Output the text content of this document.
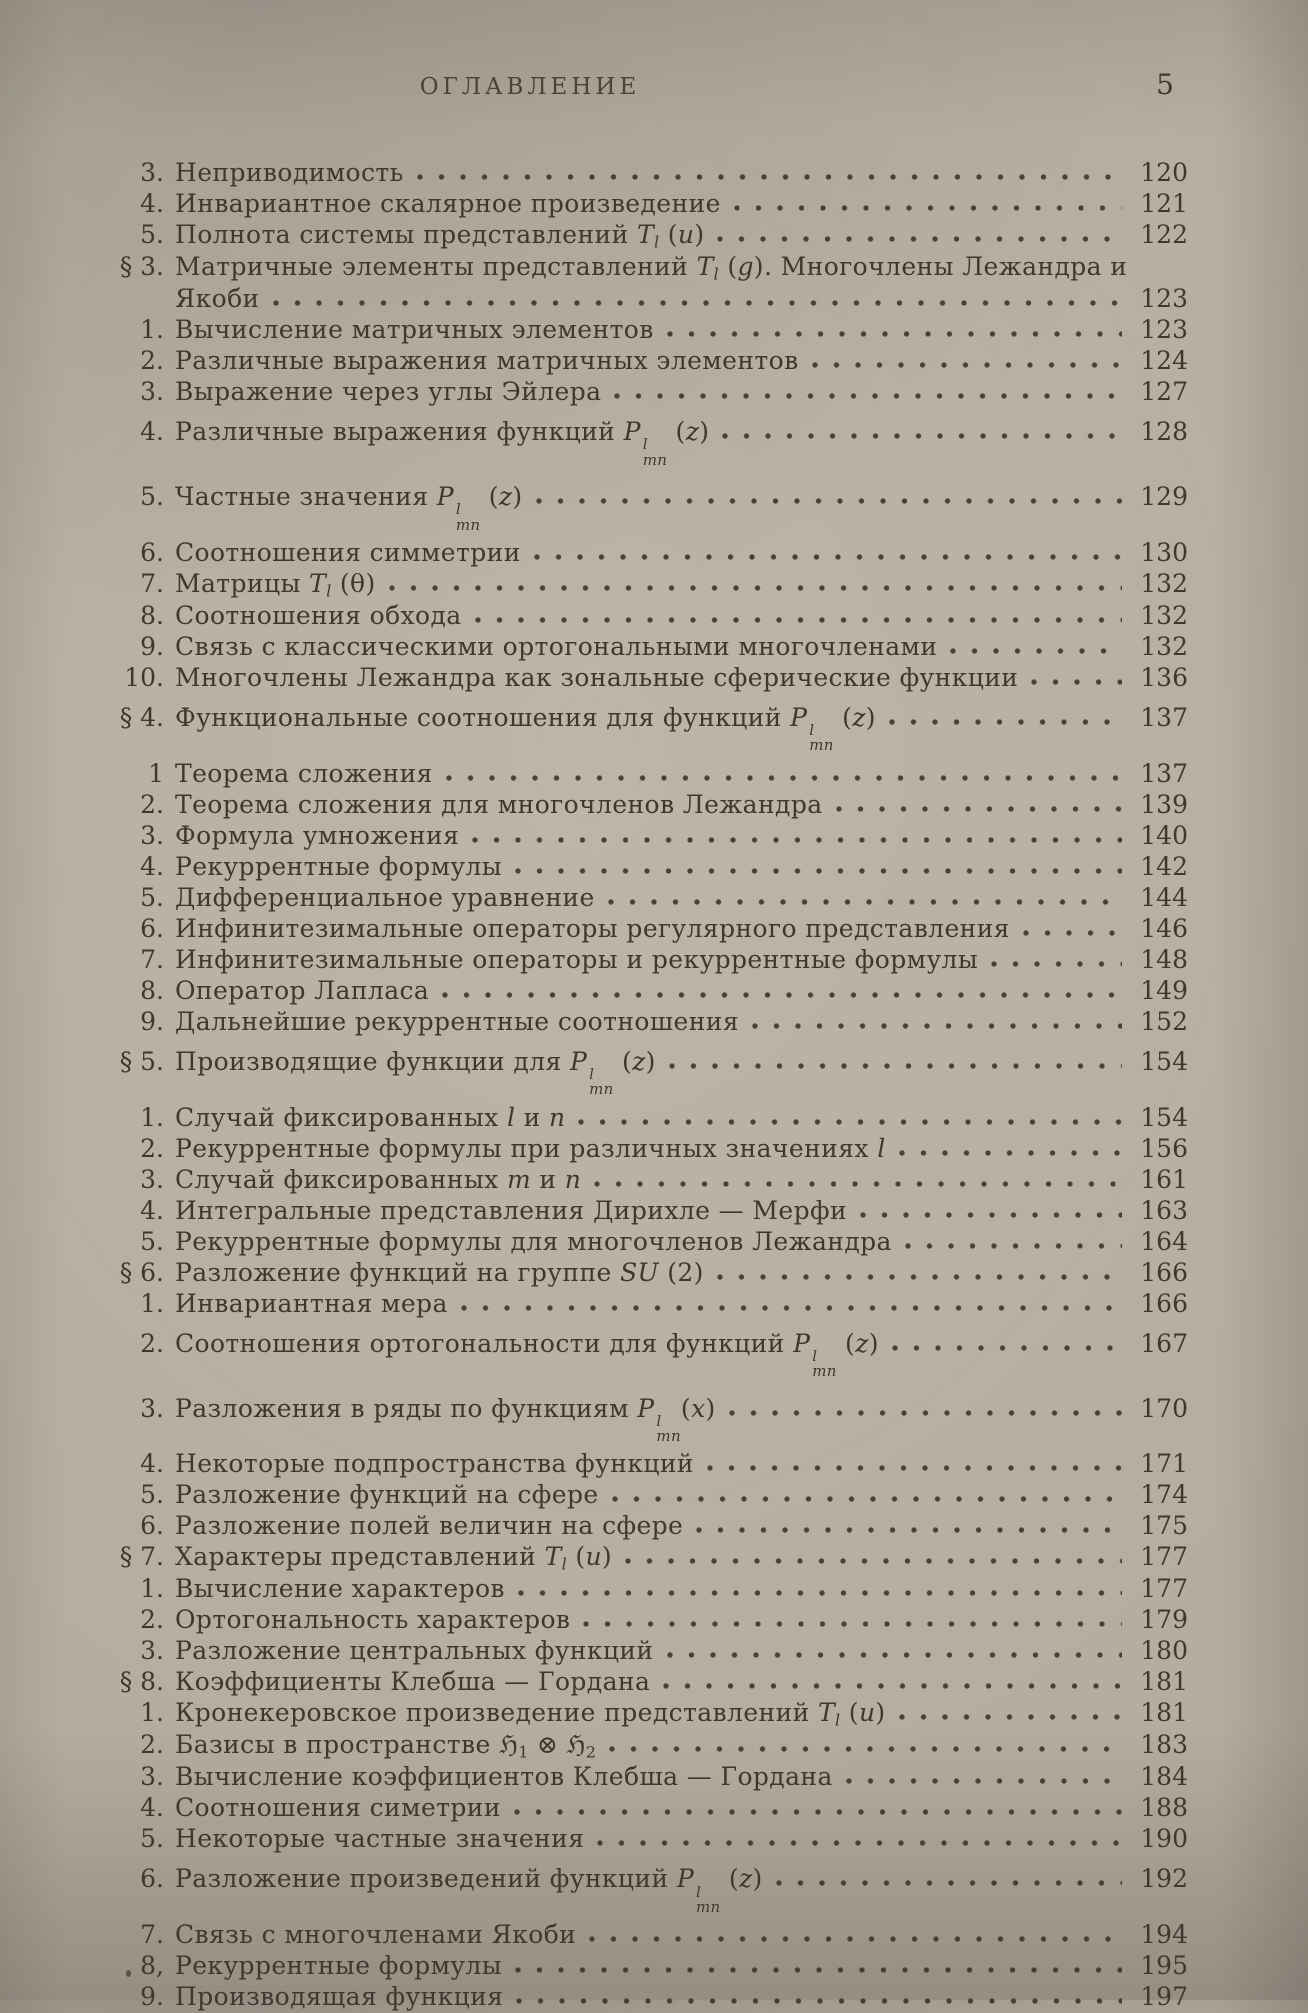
ОГЛАВЛЕНИЕ	5
3. Неприводимость	120
4. Инвариантное скалярное произведение	121
5. Полнота системы представлений $T_l$ (u)	122
§ 3. Матричные элементы представлений $T_l$ (g). Многочлены Лежандра и
Якоби	123
1. Вычисление матричных элементов	123
2. Различные выражения матричных элементов	124
3. Выражение через углы Эйлера	127
4. Различные выражения функций P l
mn
(z)	128
5. Частные значения P l
mn
(z)	129
6. Соотношения симметрии	130
7. Матрицы $T_l$ (θ)	132
8. Соотношения обхода	132
9. Связь с классическими ортогональными многочленами	132
10. Многочлены Лежандра как зональные сферические функции	136
§ 4. Функциональные соотношения для функций P l
mn
(z)	137
1 Теорема сложения	137
2. Теорема сложения для многочленов Лежандра	139
3. Формула умножения	140
4. Рекуррентные формулы	142
5. Дифференциальное уравнение	144
6. Инфинитезимальные операторы регулярного представления	146
7. Инфинитезимальные операторы и рекуррентные формулы	148
8. Оператор Лапласа	149
9. Дальнейшие рекуррентные соотношения	152
§ 5. Производящие функции для P l
mn
(z)	154
1. Случай фиксированных l и n	154
2. Рекуррентные формулы при различных значениях l	156
3. Случай фиксированных m и n	161
4. Интегральные представления Дирихле — Мерфи	163
5. Рекуррентные формулы для многочленов Лежандра	164
§ 6. Разложение функций на группе SU (2)	166
1. Инвариантная мера	166
2. Соотношения ортогональности для функций P l
mn
(z)	167
3. Разложения в ряды по функциям P l
mn
(x)	170
4. Некоторые подпространства функций	171
5. Разложение функций на сфере	174
6. Разложение полей величин на сфере	175
§ 7. Характеры представлений $T_l$ (u)	177
1. Вычисление характеров	177
2. Ортогональность характеров	179
3. Разложение центральных функций	180
§ 8. Коэффициенты Клебша — Гордана	181
1. Кронекеровское произведение представлений $T_l$ (u)	181
2. Базисы в пространстве ℌ$_1$ ⊗ ℌ$_2$	183
3. Вычисление коэффициентов Клебша — Гордана	184
4. Соотношения симетрии	188
5. Некоторые частные значения	190
6. Разложение произведений функций P l
mn
(z)	192
7. Связь с многочленами Якоби	194
8, Рекуррентные формулы	195
9. Производящая функция	197
